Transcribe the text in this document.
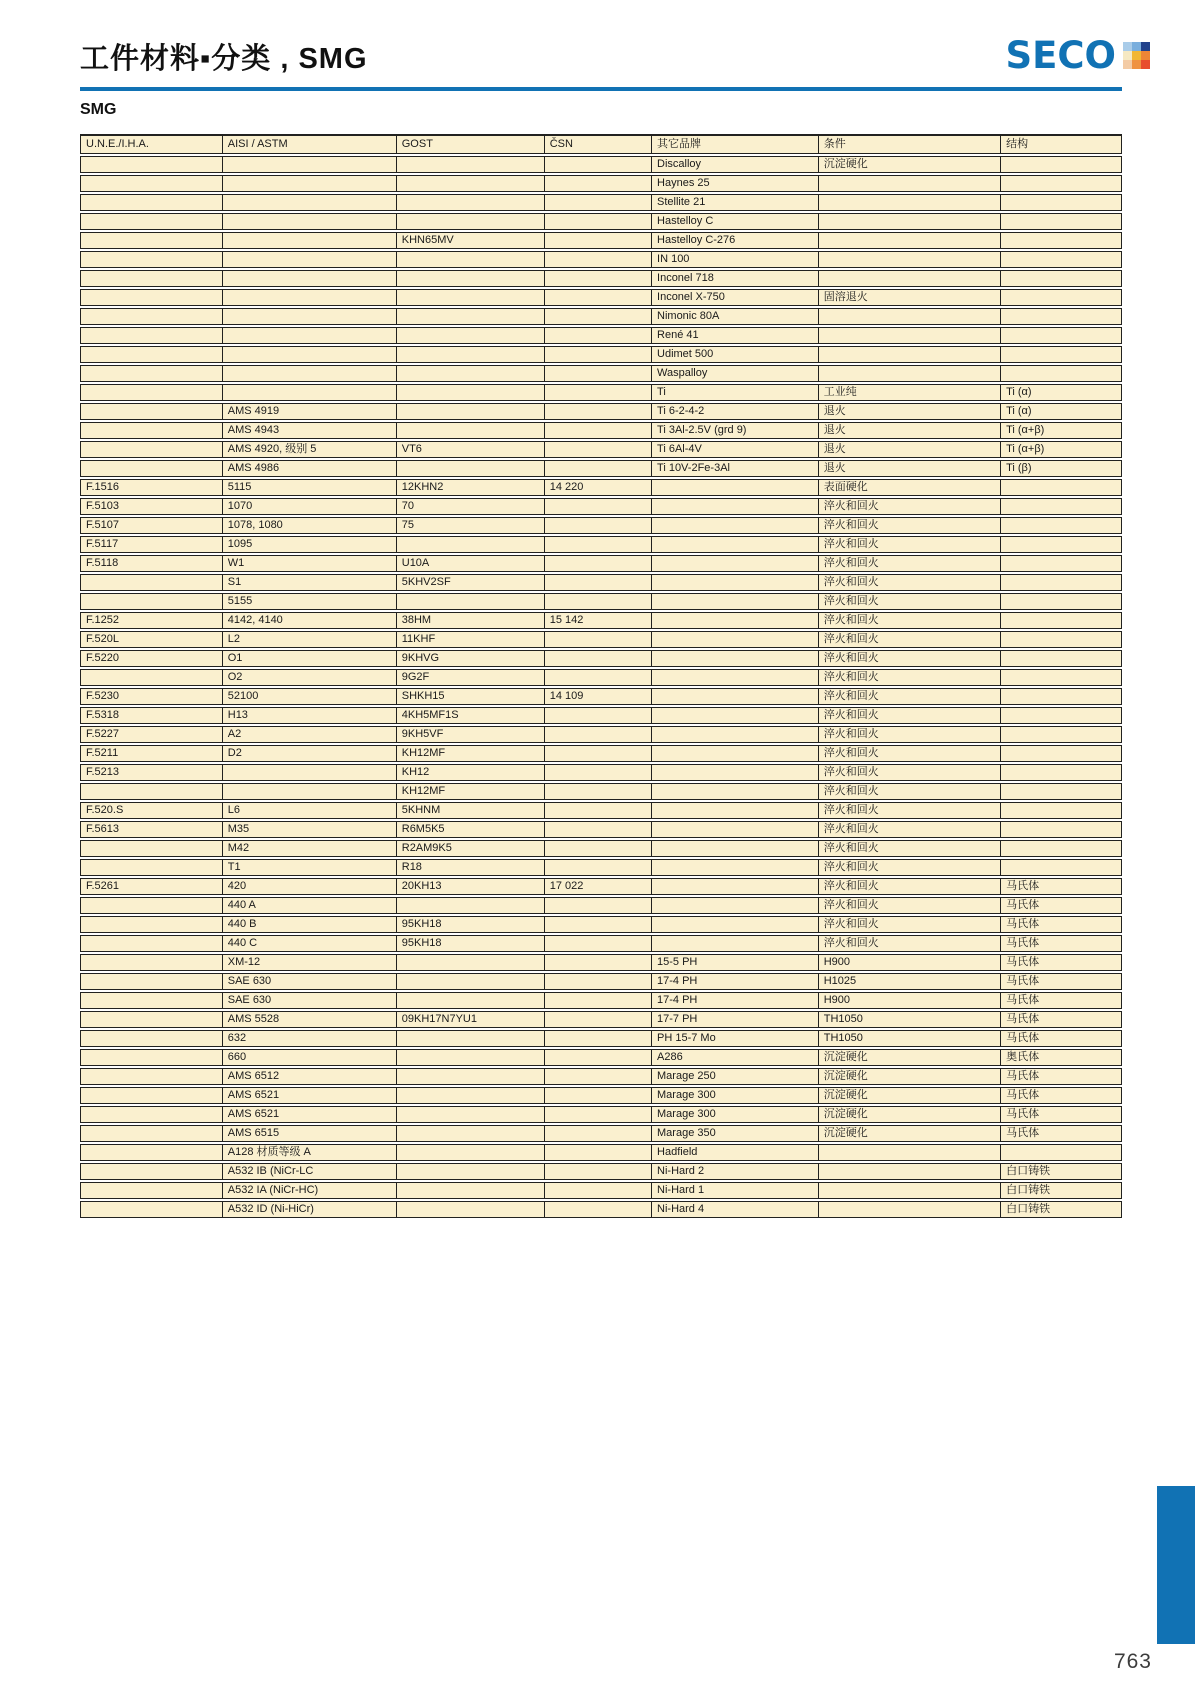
工件材料▪分类 , SMG	SECO
SMG
U.N.E./I.H.A.	AISI / ASTM	GOST	ČSN	其它品牌	条件	结构
				Discalloy	沉淀硬化	
				Haynes 25		
				Stellite 21		
				Hastelloy C		
		KHN65MV		Hastelloy C-276		
				IN 100		
				Inconel 718		
				Inconel X-750	固溶退火	
				Nimonic 80A		
				René 41		
				Udimet 500		
				Waspalloy		
				Ti	工业纯	Ti (α)
	AMS 4919			Ti 6-2-4-2	退火	Ti (α)
	AMS 4943			Ti 3Al-2.5V (grd 9)	退火	Ti (α+β)
	AMS 4920, 级别 5	VT6		Ti 6Al-4V	退火	Ti (α+β)
	AMS 4986			Ti 10V-2Fe-3Al	退火	Ti (β)
F.1516	5115	12KHN2	14 220		表面硬化	
F.5103	1070	70			淬火和回火	
F.5107	1078, 1080	75			淬火和回火	
F.5117	1095				淬火和回火	
F.5118	W1	U10A			淬火和回火	
	S1	5KHV2SF			淬火和回火	
	5155				淬火和回火	
F.1252	4142, 4140	38HM	15 142		淬火和回火	
F.520L	L2	11KHF			淬火和回火	
F.5220	O1	9KHVG			淬火和回火	
	O2	9G2F			淬火和回火	
F.5230	52100	SHKH15	14 109		淬火和回火	
F.5318	H13	4KH5MF1S			淬火和回火	
F.5227	A2	9KH5VF			淬火和回火	
F.5211	D2	KH12MF			淬火和回火	
F.5213		KH12			淬火和回火	
		KH12MF			淬火和回火	
F.520.S	L6	5KHNM			淬火和回火	
F.5613	M35	R6M5K5			淬火和回火	
	M42	R2AM9K5			淬火和回火	
	T1	R18			淬火和回火	
F.5261	420	20KH13	17 022		淬火和回火	马氏体
	440 A				淬火和回火	马氏体
	440 B	95KH18			淬火和回火	马氏体
	440 C	95KH18			淬火和回火	马氏体
	XM-12			15-5 PH	H900	马氏体
	SAE 630			17-4 PH	H1025	马氏体
	SAE 630			17-4 PH	H900	马氏体
	AMS 5528	09KH17N7YU1		17-7 PH	TH1050	马氏体
	632			PH 15-7 Mo	TH1050	马氏体
	660			A286	沉淀硬化	奥氏体
	AMS 6512			Marage 250	沉淀硬化	马氏体
	AMS 6521			Marage 300	沉淀硬化	马氏体
	AMS 6521			Marage 300	沉淀硬化	马氏体
	AMS 6515			Marage 350	沉淀硬化	马氏体
	A128 材质等级 A			Hadfield		
	A532 IB (NiCr-LC			Ni-Hard 2		白口铸铁
	A532 IA (NiCr-HC)			Ni-Hard 1		白口铸铁
	A532 ID (Ni-HiCr)			Ni-Hard 4		白口铸铁
763
